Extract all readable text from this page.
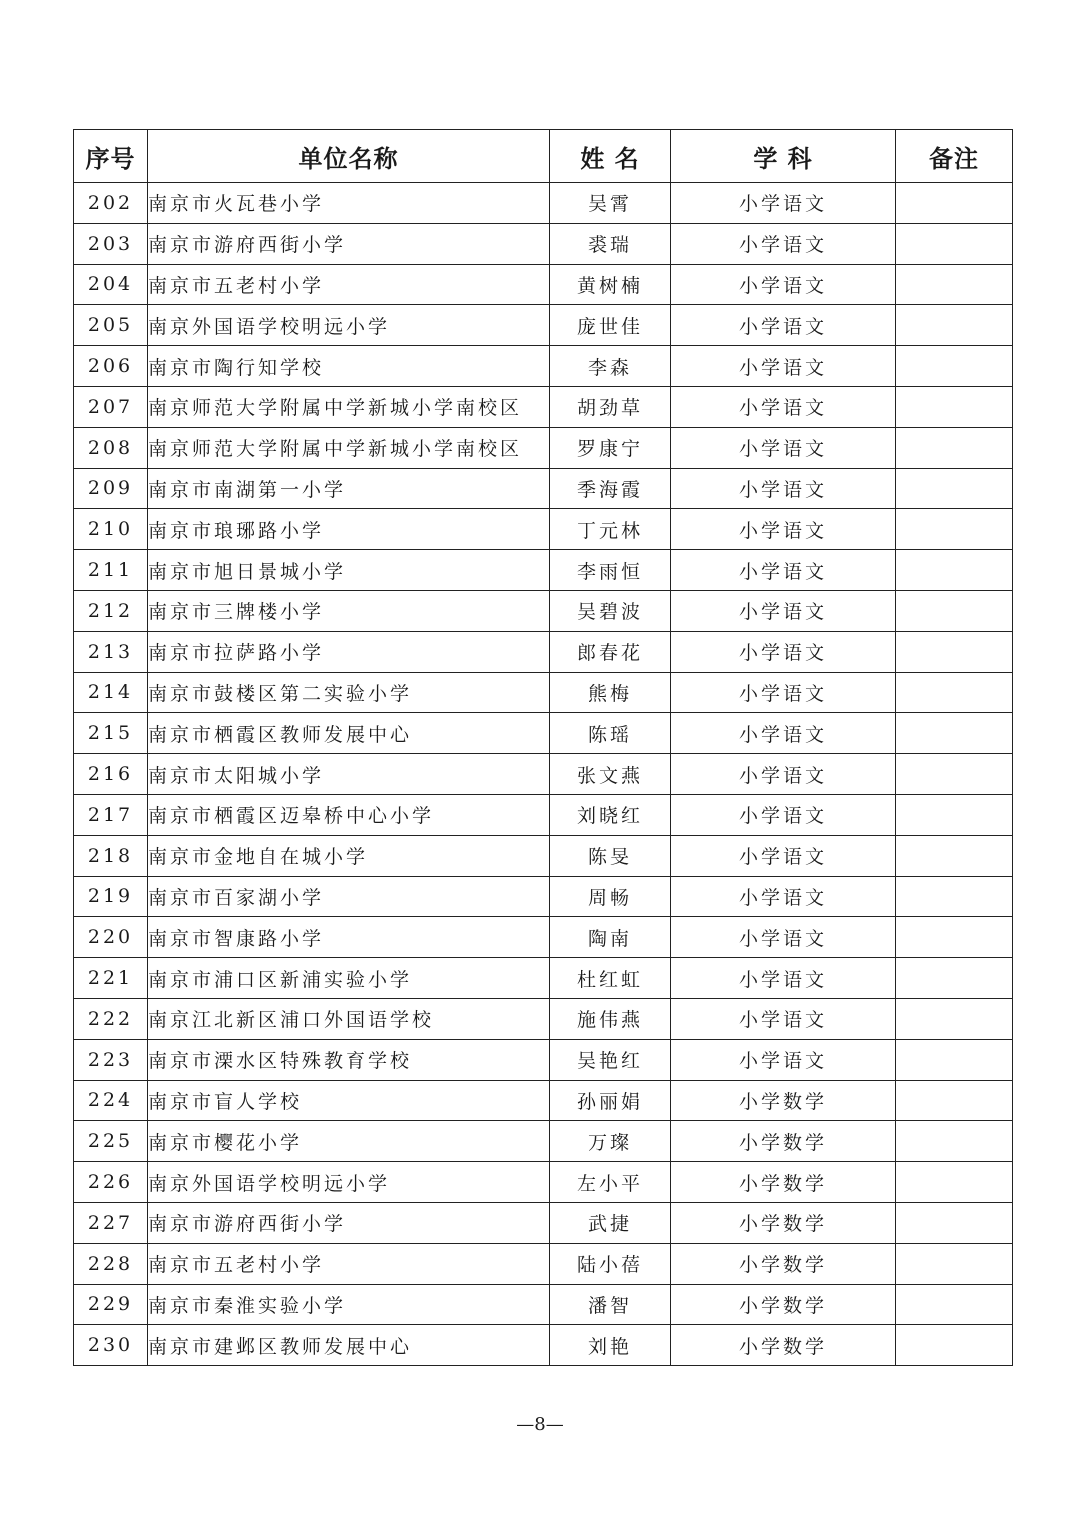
序号	单位名称	姓 名	学 科	备注
202	南京市火瓦巷小学	吴霄	小学语文	
203	南京市游府西街小学	裘瑞	小学语文	
204	南京市五老村小学	黄树楠	小学语文	
205	南京外国语学校明远小学	庞世佳	小学语文	
206	南京市陶行知学校	李森	小学语文	
207	南京师范大学附属中学新城小学南校区	胡劲草	小学语文	
208	南京师范大学附属中学新城小学南校区	罗康宁	小学语文	
209	南京市南湖第一小学	季海霞	小学语文	
210	南京市琅琊路小学	丁元林	小学语文	
211	南京市旭日景城小学	李雨恒	小学语文	
212	南京市三牌楼小学	吴碧波	小学语文	
213	南京市拉萨路小学	郎春花	小学语文	
214	南京市鼓楼区第二实验小学	熊梅	小学语文	
215	南京市栖霞区教师发展中心	陈瑶	小学语文	
216	南京市太阳城小学	张文燕	小学语文	
217	南京市栖霞区迈皋桥中心小学	刘晓红	小学语文	
218	南京市金地自在城小学	陈旻	小学语文	
219	南京市百家湖小学	周畅	小学语文	
220	南京市智康路小学	陶南	小学语文	
221	南京市浦口区新浦实验小学	杜红虹	小学语文	
222	南京江北新区浦口外国语学校	施伟燕	小学语文	
223	南京市溧水区特殊教育学校	吴艳红	小学语文	
224	南京市盲人学校	孙丽娟	小学数学	
225	南京市樱花小学	万璨	小学数学	
226	南京外国语学校明远小学	左小平	小学数学	
227	南京市游府西街小学	武捷	小学数学	
228	南京市五老村小学	陆小蓓	小学数学	
229	南京市秦淮实验小学	潘智	小学数学	
230	南京市建邺区教师发展中心	刘艳	小学数学	
—8—
